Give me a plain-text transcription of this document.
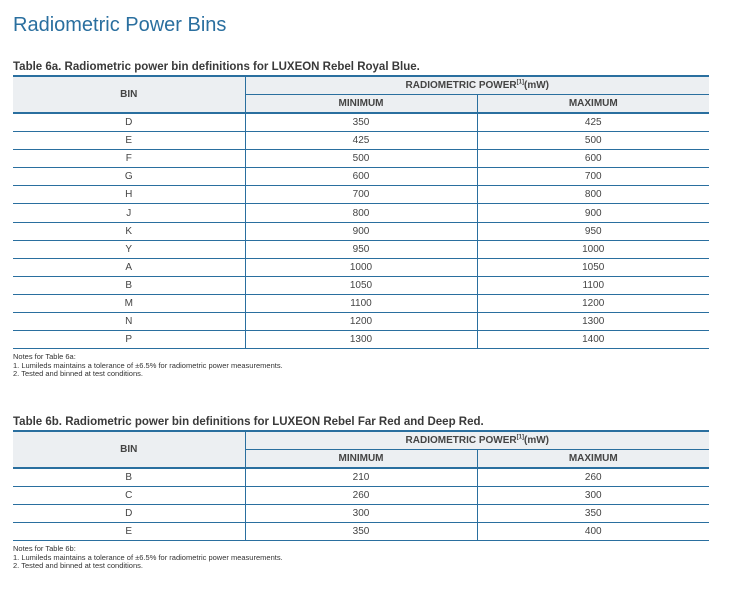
Radiometric Power Bins
Table 6a. Radiometric power bin definitions for LUXEON Rebel Royal Blue.
BIN	RADIOMETRIC POWER[1](mW)	
	MINIMUM	MAXIMUM
D	350	425
E	425	500
F	500	600
G	600	700
H	700	800
J	800	900
K	900	950
Y	950	1000
A	1000	1050
B	1050	1100
M	1100	1200
N	1200	1300
P	1300	1400
Notes for Table 6a:
1. Lumileds maintains a tolerance of ±6.5% for radiometric power measurements.
2. Tested and binned at test conditions.
Table 6b. Radiometric power bin definitions for LUXEON Rebel Far Red and Deep Red.
BIN	RADIOMETRIC POWER[1](mW)	
	MINIMUM	MAXIMUM
B	210	260
C	260	300
D	300	350
E	350	400
Notes for Table 6b:
1. Lumileds maintains a tolerance of ±6.5% for radiometric power measurements.
2. Tested and binned at test conditions.
